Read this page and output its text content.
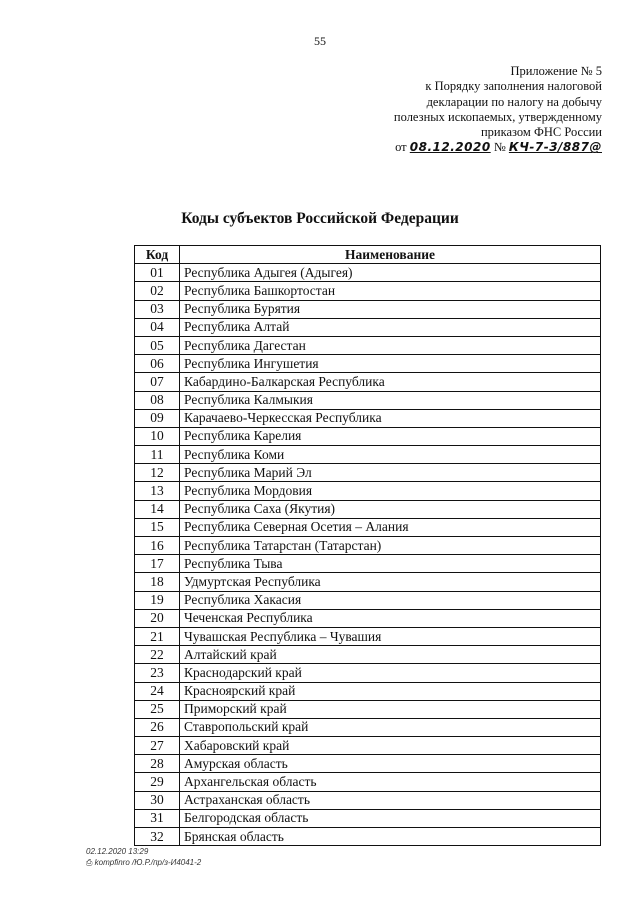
55
Приложение № 5
к Порядку заполнения налоговой
декларации по налогу на добычу
полезных ископаемых, утвержденному
приказом ФНС России
от 08.12.2020 № КЧ-7-3/887@
Коды субъектов Российской Федерации
Код	Наименование
01	Республика Адыгея (Адыгея)
02	Республика Башкортостан
03	Республика Бурятия
04	Республика Алтай
05	Республика Дагестан
06	Республика Ингушетия
07	Кабардино-Балкарская Республика
08	Республика Калмыкия
09	Карачаево-Черкесская Республика
10	Республика Карелия
11	Республика Коми
12	Республика Марий Эл
13	Республика Мордовия
14	Республика Саха (Якутия)
15	Республика Северная Осетия – Алания
16	Республика Татарстан (Татарстан)
17	Республика Тыва
18	Удмуртская Республика
19	Республика Хакасия
20	Чеченская Республика
21	Чувашская Республика – Чувашия
22	Алтайский край
23	Краснодарский край
24	Красноярский край
25	Приморский край
26	Ставропольский край
27	Хабаровский край
28	Амурская область
29	Архангельская область
30	Астраханская область
31	Белгородская область
32	Брянская область
02.12.2020 13:29
⎙ kompfinro /Ю.Р./пр/з-И4041-2
